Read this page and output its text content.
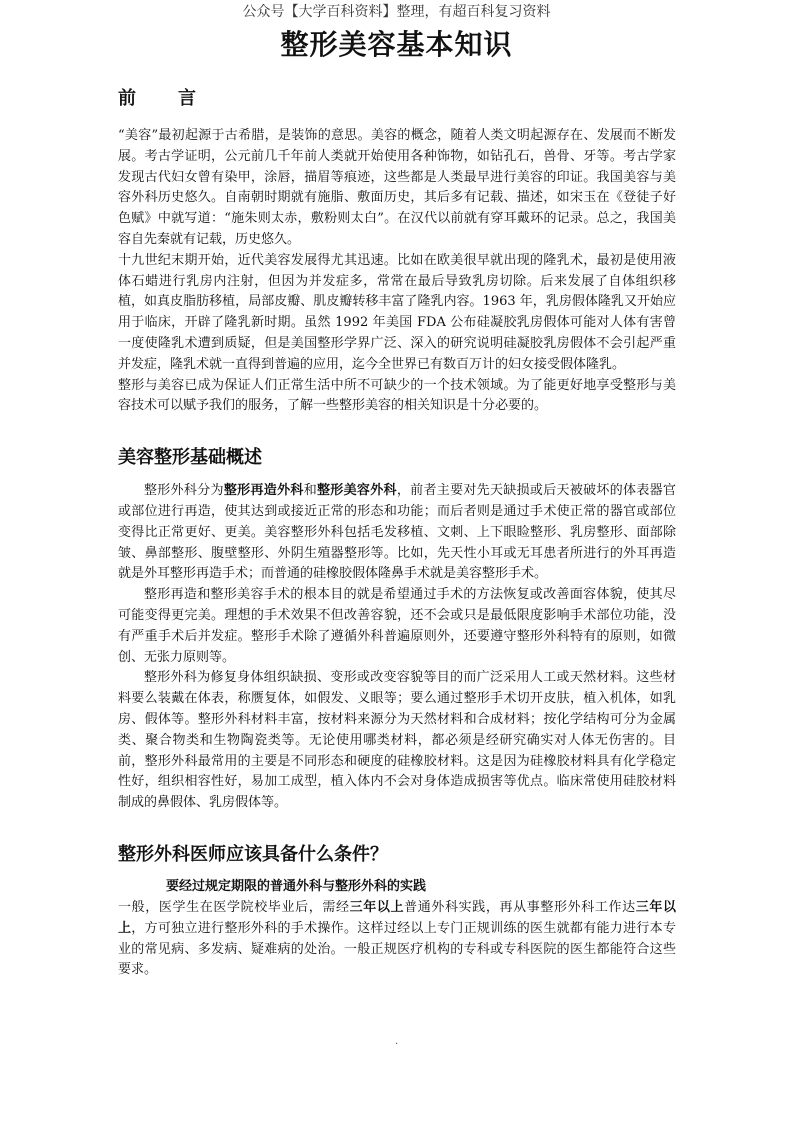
公众号【大学百科资料】整理，有超百科复习资料
整形美容基本知识
前 言

“美容”最初起源于古希腊，是装饰的意思。美容的概念，随着人类文明起源存在、发展而不断发展。考古学证明，公元前几千年前人类就开始使用各种饰物，如钻孔石，兽骨、牙等。考古学家发现古代妇女曾有染甲，涂唇，描眉等痕迹，这些都是人类最早进行美容的印证。我国美容与美容外科历史悠久。自南朝时期就有施脂、敷面历史，其后多有记载、描述，如宋玉在《登徒子好色赋》中就写道：“施朱则太赤，敷粉则太白”。在汉代以前就有穿耳戴环的记录。总之，我国美容自先秦就有记载，历史悠久。

十九世纪末期开始，近代美容发展得尤其迅速。比如在欧美很早就出现的隆乳术，最初是使用液体石蜡进行乳房内注射，但因为并发症多，常常在最后导致乳房切除。后来发展了自体组织移植，如真皮脂肪移植，局部皮瓣、肌皮瓣转移丰富了隆乳内容。1963 年，乳房假体隆乳又开始应用于临床，开辟了隆乳新时期。虽然 1992 年美国 FDA 公布硅凝胶乳房假体可能对人体有害曾一度使隆乳术遭到质疑，但是美国整形学界广泛、深入的研究说明硅凝胶乳房假体不会引起严重并发症，隆乳术就一直得到普遍的应用，迄今全世界已有数百万计的妇女接受假体隆乳。

整形与美容已成为保证人们正常生活中所不可缺少的一个技术领域。为了能更好地享受整形与美容技术可以赋予我们的服务，了解一些整形美容的相关知识是十分必要的。

美容整形基础概述

整形外科分为整形再造外科和整形美容外科，前者主要对先天缺损或后天被破坏的体表器官或部位进行再造，使其达到或接近正常的形态和功能；而后者则是通过手术使正常的器官或部位变得比正常更好、更美。美容整形外科包括毛发移植、文刺、上下眼睑整形、乳房整形、面部除皱、鼻部整形、腹壁整形、外阴生殖器整形等。比如，先天性小耳或无耳患者所进行的外耳再造就是外耳整形再造手术；而普通的硅橡胶假体隆鼻手术就是美容整形手术。

整形再造和整形美容手术的根本目的就是希望通过手术的方法恢复或改善面容体貌，使其尽可能变得更完美。理想的手术效果不但改善容貌，还不会或只是最低限度影响手术部位功能，没有严重手术后并发症。整形手术除了遵循外科普遍原则外，还要遵守整形外科特有的原则，如微创、无张力原则等。

整形外科为修复身体组织缺损、变形或改变容貌等目的而广泛采用人工或天然材料。这些材料要么装戴在体表，称赝复体，如假发、义眼等；要么通过整形手术切开皮肤，植入机体，如乳房、假体等。整形外科材料丰富，按材料来源分为天然材料和合成材料；按化学结构可分为金属类、聚合物类和生物陶瓷类等。无论使用哪类材料，都必须是经研究确实对人体无伤害的。目前，整形外科最常用的主要是不同形态和硬度的硅橡胶材料。这是因为硅橡胶材料具有化学稳定性好，组织相容性好，易加工成型，植入体内不会对身体造成损害等优点。临床常使用硅胶材料制成的鼻假体、乳房假体等。

整形外科医师应该具备什么条件？
要经过规定期限的普通外科与整形外科的实践

一般，医学生在医学院校毕业后，需经三年以上普通外科实践，再从事整形外科工作达三年以上，方可独立进行整形外科的手术操作。这样过经以上专门正规训练的医生就都有能力进行本专业的常见病、多发病、疑难病的处治。一般正规医疗机构的专科或专科医院的医生都能符合这些要求。

.
